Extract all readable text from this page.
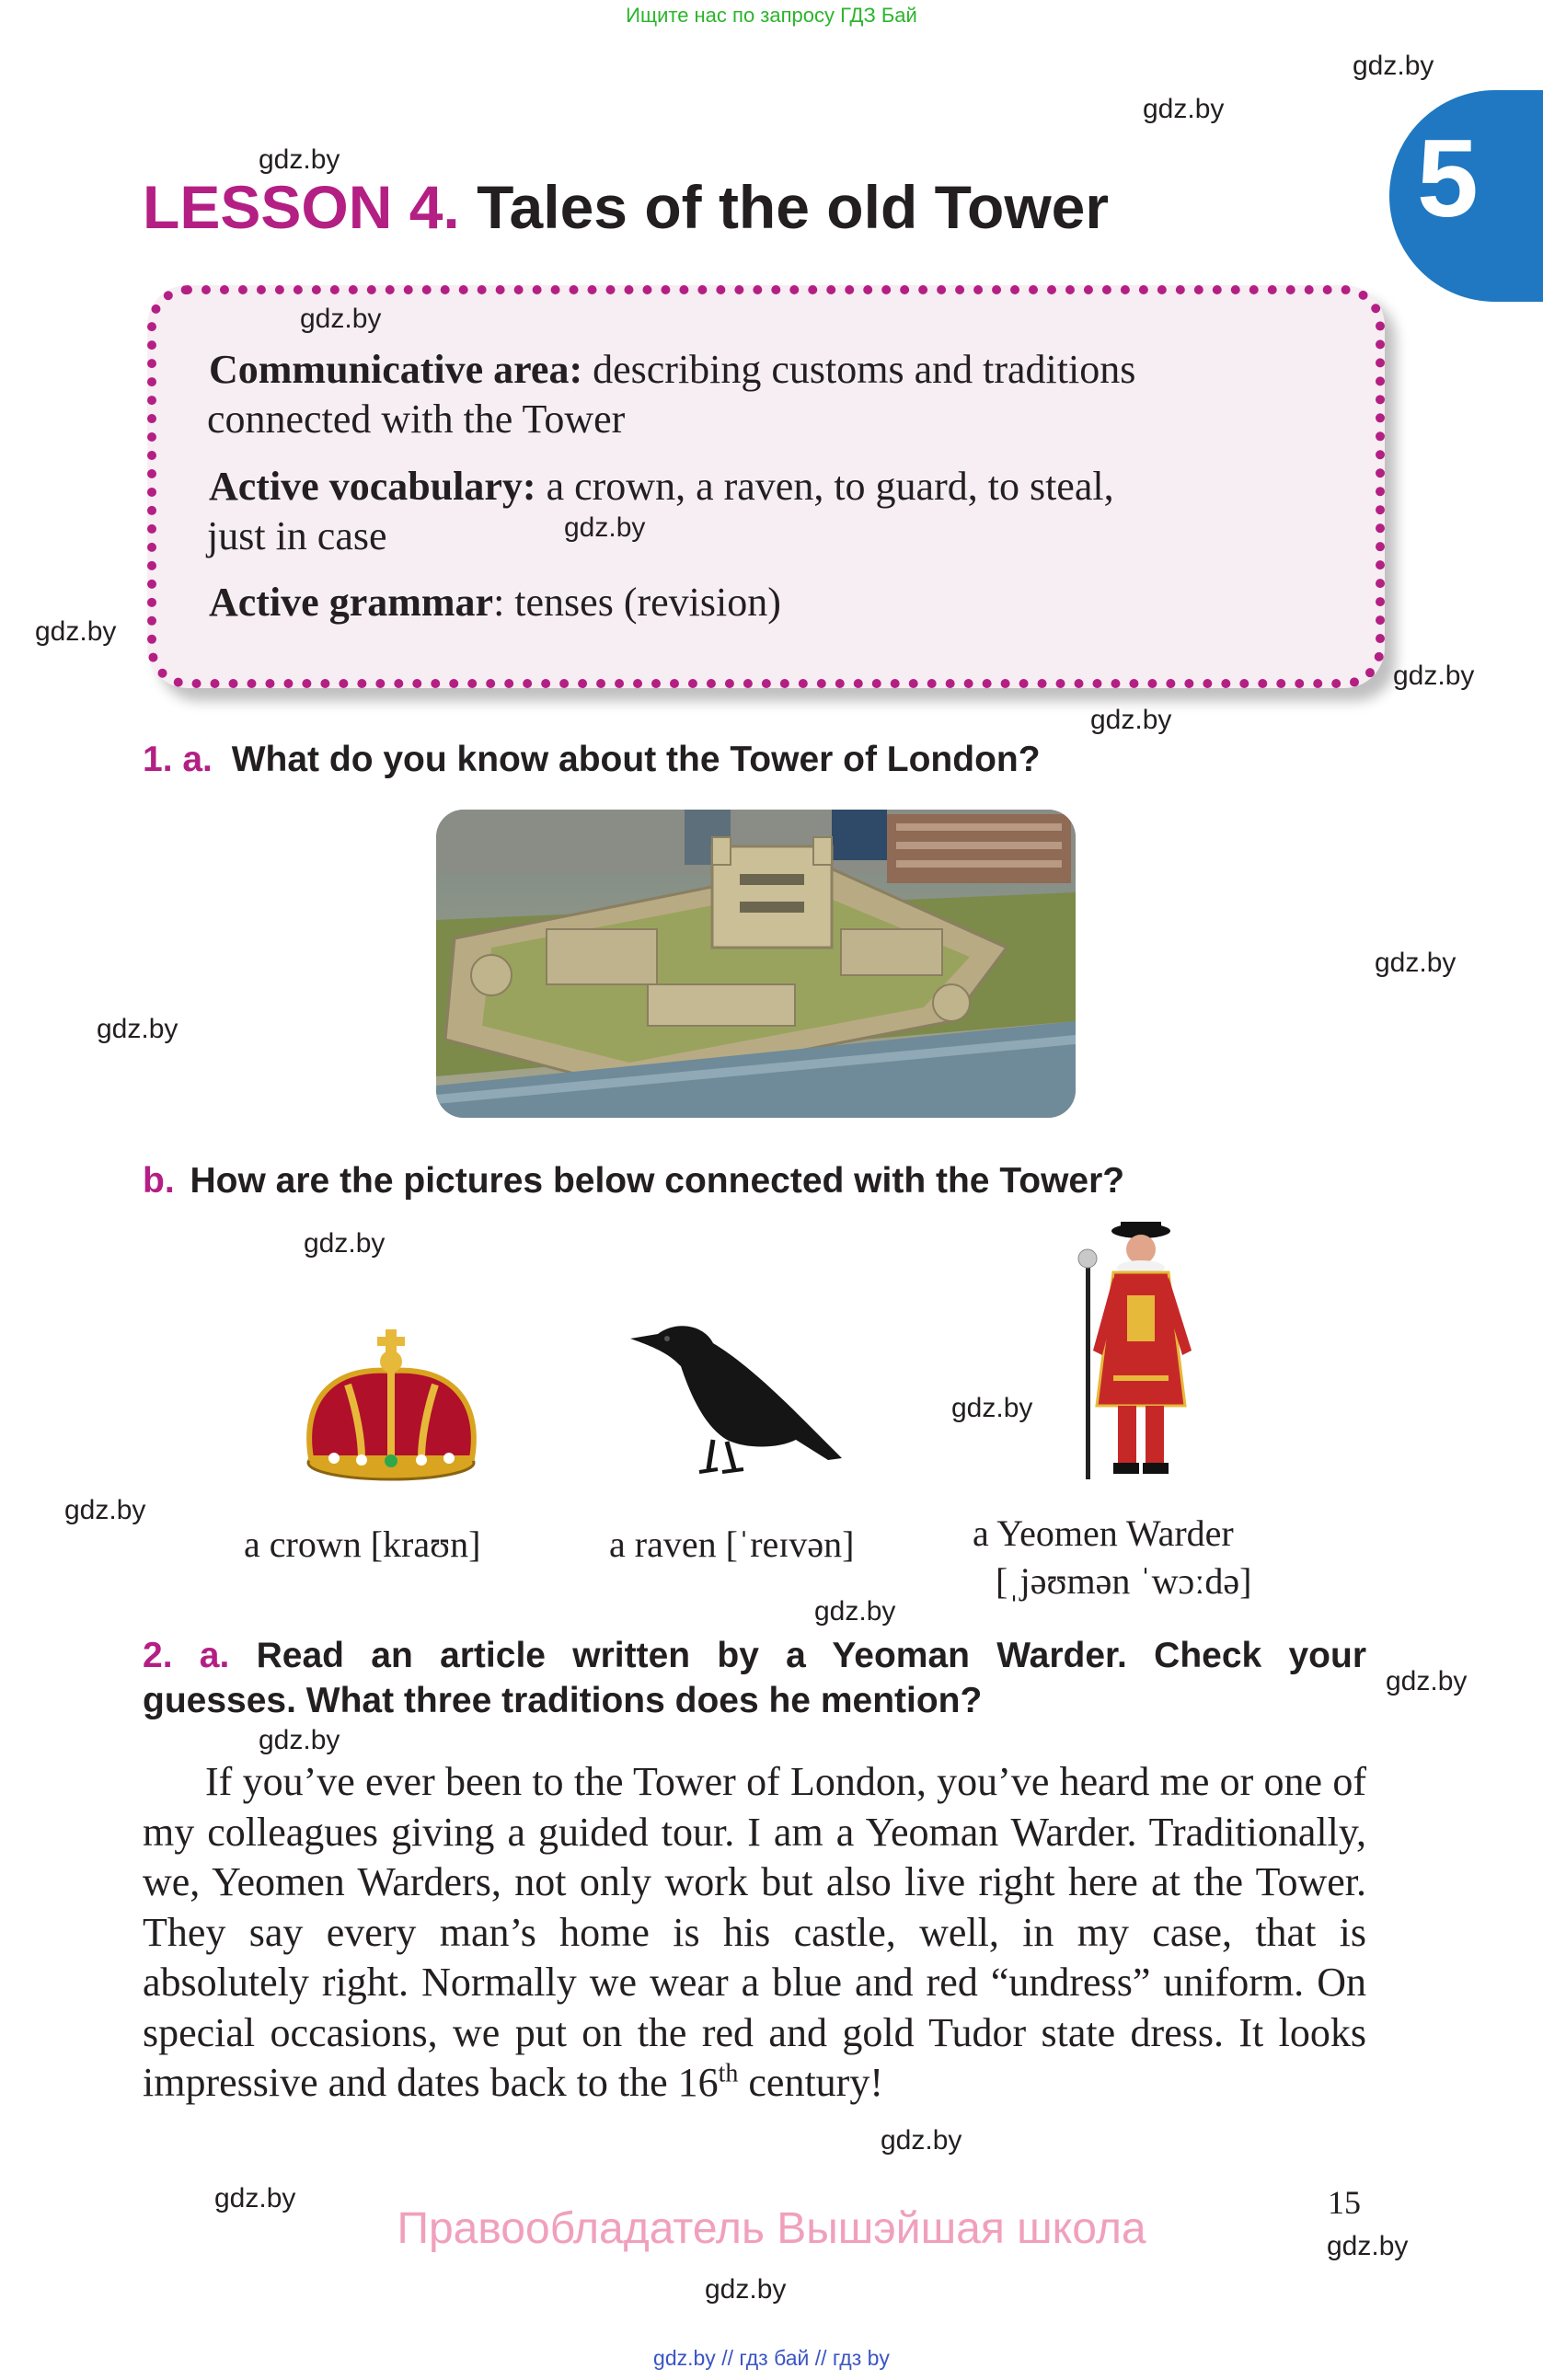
Ищите нас по запросу ГДЗ Бай
5
LESSON 4. Tales of the old Tower
Communicative area: describing customs and traditions
connected with the Tower
Active vocabulary: a crown, a raven, to guard, to steal,
just in case
Active grammar: tenses (revision)
1. a. What do you know about the Tower of London?
b. How are the pictures below connected with the Tower?
a crown [kraʊn]	a raven [ˈreɪvən]	a Yeomen Warder
[ˌjəʊmən ˈwɔːdə]
2. a. Read an article written by a Yeoman Warder. Check your
guesses. What three traditions does he mention?
If you’ve ever been to the Tower of London, you’ve heard me or one of my colleagues giving a guided tour. I am a Yeoman Warder. Traditionally, we, Yeomen Warders, not only work but also live right here at the Tower. They say every man’s home is his castle, well, in my case, that is absolutely right. Normally we wear a blue and red “undress” uniform. On special occasions, we put on the red and gold Tudor state dress. It looks impressive and dates back to the 16th century!
15
Правообладатель Вышэйшая школа
gdz.by // гдз бай // гдз by
gdz.by
gdz.by
gdz.by
gdz.by
gdz.by
gdz.by
gdz.by
gdz.by
gdz.by
gdz.by
gdz.by
gdz.by
gdz.by
gdz.by
gdz.by
gdz.by
gdz.by
gdz.by
gdz.by
gdz.by
